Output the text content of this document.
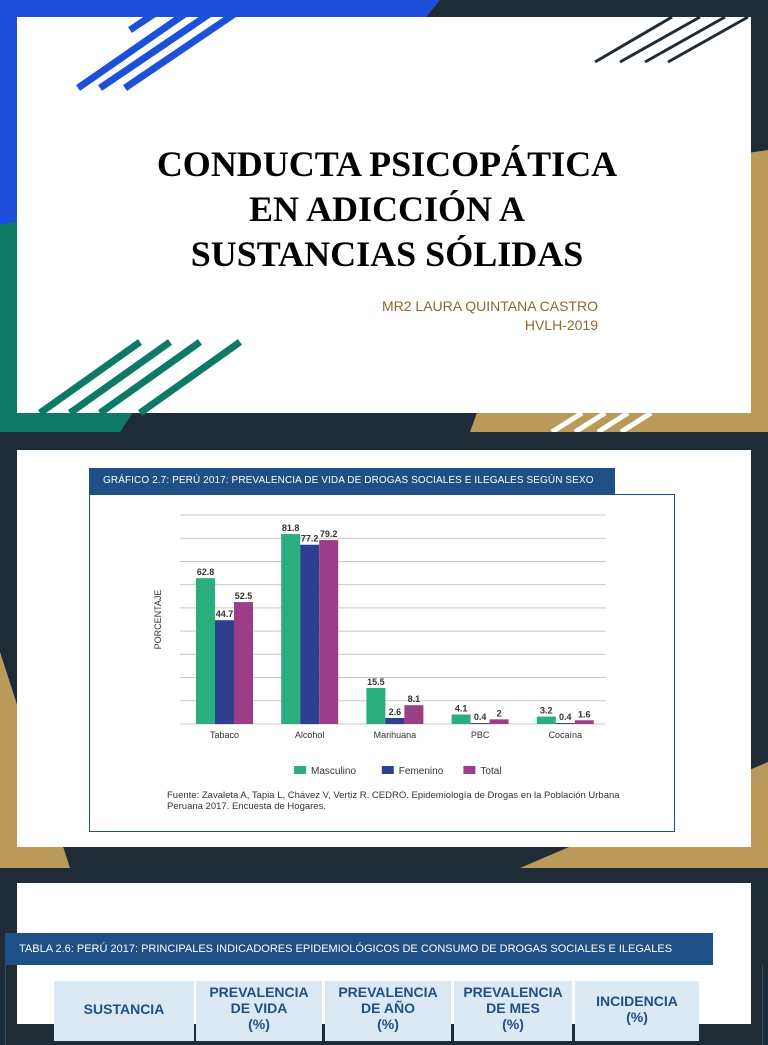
CONDUCTA PSICOPÁTICA
EN ADICCIÓN A
SUSTANCIAS SÓLIDAS
MR2 LAURA QUINTANA CASTRO
HVLH-2019
GRÁFICO 2.7: PERÚ 2017: PREVALENCIA DE VIDA DE DROGAS SOCIALES E ILEGALES SEGÚN SEXO
PORCENTAJE
62.8
44.7
52.5
Tabaco
81.8
77.2 79.2
Alcohol
15.5
2.6
8.1
Marihuana
4.1
0.4 2
PBC
3.2
0.4 1.6
Cocaína
Masculino	Femenino	Total
Fuente: Zavaleta A, Tapia L, Chávez V, Vertiz R. CEDRO. Epidemiología de Drogas en la Población Urbana Peruana 2017. Encuesta de Hogares.
TABLA 2.6: PERÚ 2017: PRINCIPALES INDICADORES EPIDEMIOLÓGICOS DE CONSUMO DE DROGAS SOCIALES E ILEGALES
SUSTANCIA
PREVALENCIA
DE VIDA
(%)
PREVALENCIA
DE AÑO
(%)
PREVALENCIA
DE MES
(%)
INCIDENCIA
(%)
